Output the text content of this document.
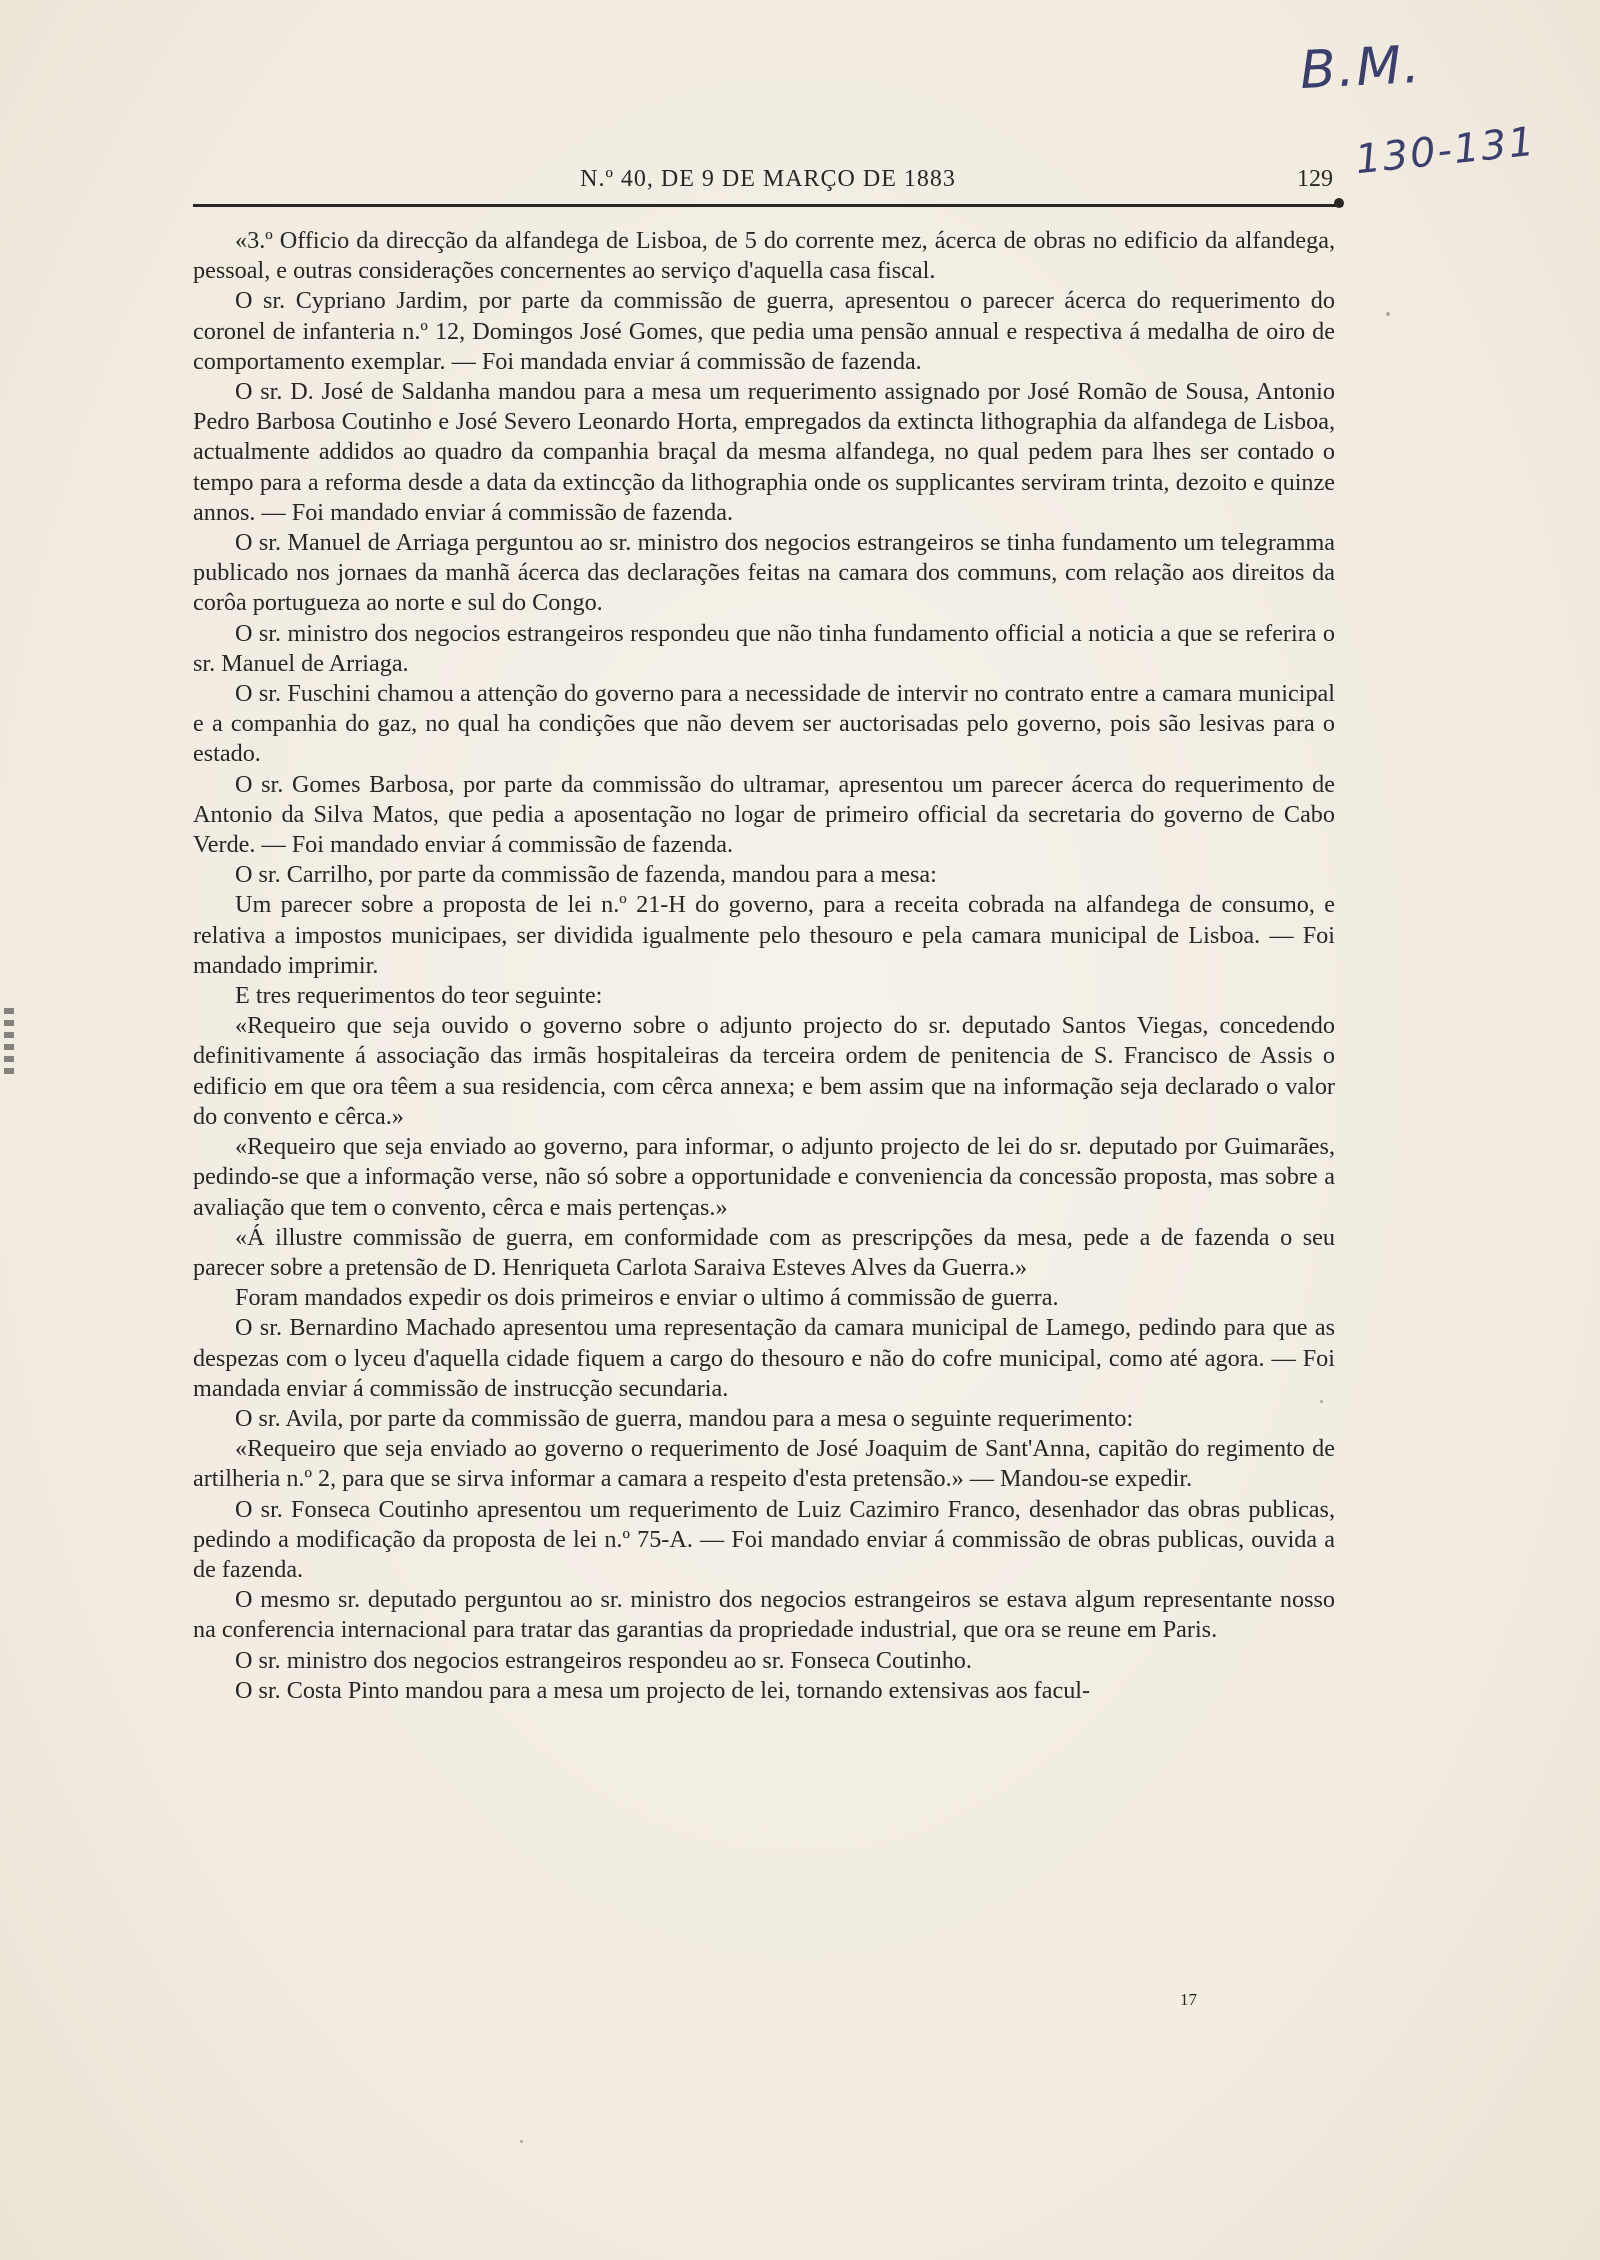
B.M.
130-131
N.º 40, DE 9 DE MARÇO DE 1883	129

«3.º Officio da direcção da alfandega de Lisboa, de 5 do corrente mez, ácerca de obras no edificio da alfandega, pessoal, e outras considerações concernentes ao serviço d'aquella casa fiscal.

O sr. Cypriano Jardim, por parte da commissão de guerra, apresentou o parecer ácerca do requerimento do coronel de infanteria n.º 12, Domingos José Gomes, que pedia uma pensão annual e respectiva á medalha de oiro de comportamento exemplar. — Foi mandada enviar á commissão de fazenda.

O sr. D. José de Saldanha mandou para a mesa um requerimento assignado por José Romão de Sousa, Antonio Pedro Barbosa Coutinho e José Severo Leonardo Horta, empregados da extincta lithographia da alfandega de Lisboa, actualmente addidos ao quadro da companhia braçal da mesma alfandega, no qual pedem para lhes ser contado o tempo para a reforma desde a data da extincção da lithographia onde os supplicantes serviram trinta, dezoito e quinze annos. — Foi mandado enviar á commissão de fazenda.

O sr. Manuel de Arriaga perguntou ao sr. ministro dos negocios estrangeiros se tinha fundamento um telegramma publicado nos jornaes da manhã ácerca das declarações feitas na camara dos communs, com relação aos direitos da corôa portugueza ao norte e sul do Congo.

O sr. ministro dos negocios estrangeiros respondeu que não tinha fundamento official a noticia a que se referira o sr. Manuel de Arriaga.

O sr. Fuschini chamou a attenção do governo para a necessidade de intervir no contrato entre a camara municipal e a companhia do gaz, no qual ha condições que não devem ser auctorisadas pelo governo, pois são lesivas para o estado.

O sr. Gomes Barbosa, por parte da commissão do ultramar, apresentou um parecer ácerca do requerimento de Antonio da Silva Matos, que pedia a aposentação no logar de primeiro official da secretaria do governo de Cabo Verde. — Foi mandado enviar á commissão de fazenda.

O sr. Carrilho, por parte da commissão de fazenda, mandou para a mesa:

Um parecer sobre a proposta de lei n.º 21-H do governo, para a receita cobrada na alfandega de consumo, e relativa a impostos municipaes, ser dividida igualmente pelo thesouro e pela camara municipal de Lisboa. — Foi mandado imprimir.

E tres requerimentos do teor seguinte:

«Requeiro que seja ouvido o governo sobre o adjunto projecto do sr. deputado Santos Viegas, concedendo definitivamente á associação das irmãs hospitaleiras da terceira ordem de penitencia de S. Francisco de Assis o edificio em que ora têem a sua residencia, com cêrca annexa; e bem assim que na informação seja declarado o valor do convento e cêrca.»

«Requeiro que seja enviado ao governo, para informar, o adjunto projecto de lei do sr. deputado por Guimarães, pedindo-se que a informação verse, não só sobre a opportunidade e conveniencia da concessão proposta, mas sobre a avaliação que tem o convento, cêrca e mais pertenças.»

«Á illustre commissão de guerra, em conformidade com as prescripções da mesa, pede a de fazenda o seu parecer sobre a pretensão de D. Henriqueta Carlota Saraiva Esteves Alves da Guerra.»

Foram mandados expedir os dois primeiros e enviar o ultimo á commissão de guerra.

O sr. Bernardino Machado apresentou uma representação da camara municipal de Lamego, pedindo para que as despezas com o lyceu d'aquella cidade fiquem a cargo do thesouro e não do cofre municipal, como até agora. — Foi mandada enviar á commissão de instrucção secundaria.

O sr. Avila, por parte da commissão de guerra, mandou para a mesa o seguinte requerimento:

«Requeiro que seja enviado ao governo o requerimento de José Joaquim de Sant'Anna, capitão do regimento de artilheria n.º 2, para que se sirva informar a camara a respeito d'esta pretensão.» — Mandou-se expedir.

O sr. Fonseca Coutinho apresentou um requerimento de Luiz Cazimiro Franco, desenhador das obras publicas, pedindo a modificação da proposta de lei n.º 75-A. — Foi mandado enviar á commissão de obras publicas, ouvida a de fazenda.

O mesmo sr. deputado perguntou ao sr. ministro dos negocios estrangeiros se estava algum representante nosso na conferencia internacional para tratar das garantias da propriedade industrial, que ora se reune em Paris.

O sr. ministro dos negocios estrangeiros respondeu ao sr. Fonseca Coutinho.

O sr. Costa Pinto mandou para a mesa um projecto de lei, tornando extensivas aos facul-

17
